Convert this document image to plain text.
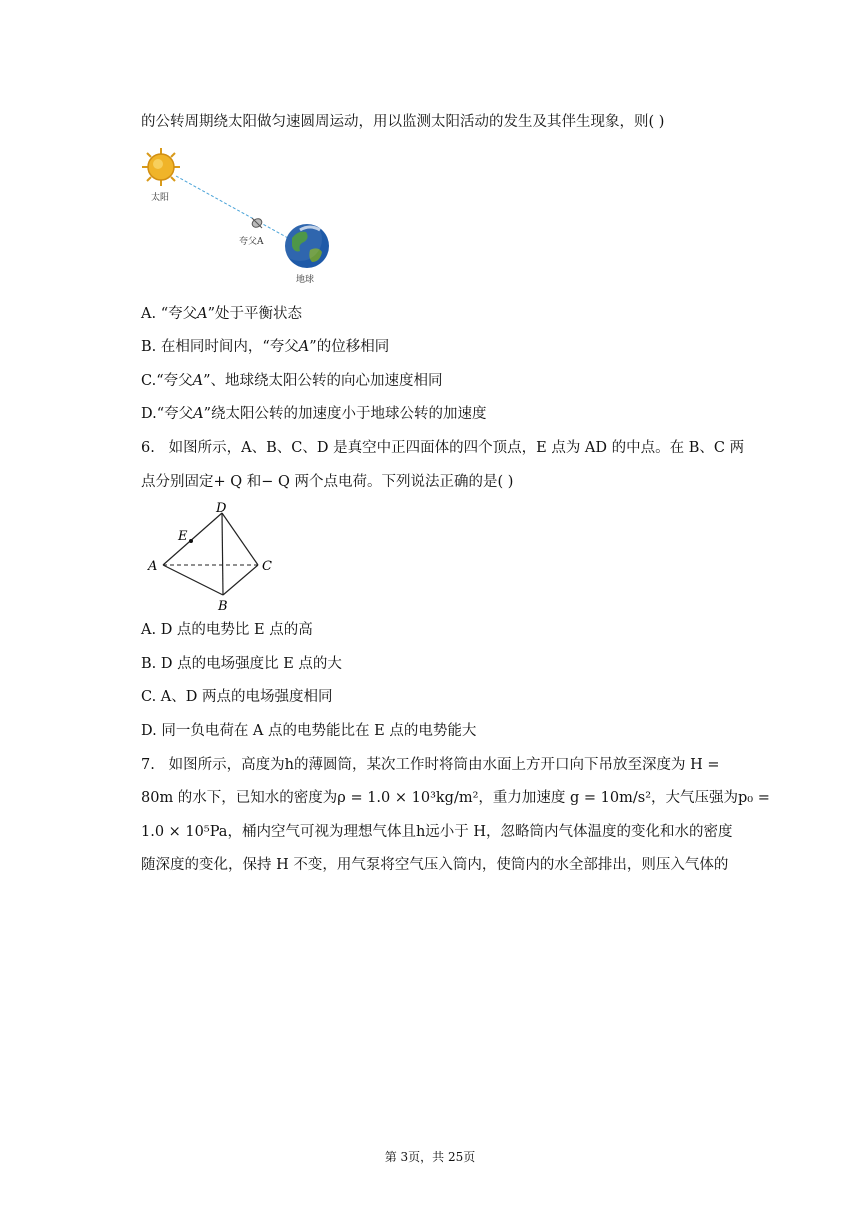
的公转周期绕太阳做匀速圆周运动，用以监测太阳活动的发生及其伴生现象，则( )
太阳
夸父A
地球
A. “夸父A”处于平衡状态
B. 在相同时间内，“夸父A”的位移相同
C.“夸父A”、地球绕太阳公转的向心加速度相同
D.“夸父A”绕太阳公转的加速度小于地球公转的加速度
6. 如图所示，A、B、C、D 是真空中正四面体的四个顶点，E 点为 AD 的中点。在 B、C 两
点分别固定+ Q 和− Q 两个点电荷。下列说法正确的是( )
D
E
A	C
B
A. D 点的电势比 E 点的高
B. D 点的电场强度比 E 点的大
C. A、D 两点的电场强度相同
D. 同一负电荷在 A 点的电势能比在 E 点的电势能大
7. 如图所示，高度为h的薄圆筒，某次工作时将筒由水面上方开口向下吊放至深度为 H =
80m 的水下，已知水的密度为ρ = 1.0 × 10³kg/m²，重力加速度 g = 10m/s²，大气压强为p₀ =
1.0 × 10⁵Pa，桶内空气可视为理想气体且h远小于 H，忽略筒内气体温度的变化和水的密度
随深度的变化，保持 H 不变，用气泵将空气压入筒内，使筒内的水全部排出，则压入气体的
第 3页，共 25页
